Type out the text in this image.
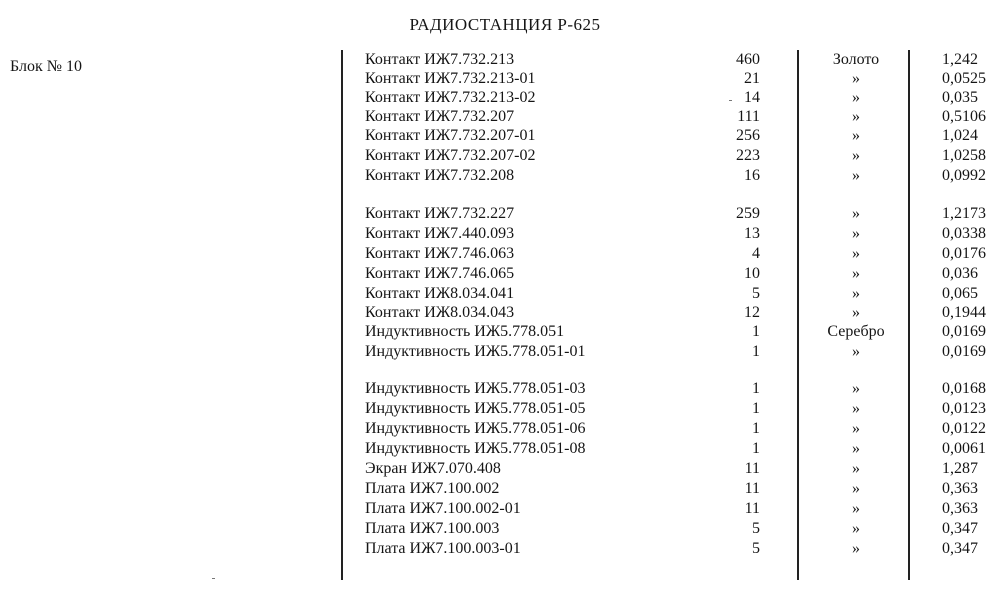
РАДИОСТАНЦИЯ Р-625
Блок № 10	Контакт ИЖ7.732.213	460	Золото	1,242
Контакт ИЖ7.732.213-01	21	»	0,0525
Контакт ИЖ7.732.213-02	14	»	0,035
Контакт ИЖ7.732.207	111	»	0,5106
Контакт ИЖ7.732.207-01	256	»	1,024
Контакт ИЖ7.732.207-02	223	»	1,0258
Контакт ИЖ7.732.208	16	»	0,0992
Контакт ИЖ7.732.227	259	»	1,2173
Контакт ИЖ7.440.093	13	»	0,0338
Контакт ИЖ7.746.063	4	»	0,0176
Контакт ИЖ7.746.065	10	»	0,036
Контакт ИЖ8.034.041	5	»	0,065
Контакт ИЖ8.034.043	12	»	0,1944
Индуктивность ИЖ5.778.051	1	Серебро	0,0169
Индуктивность ИЖ5.778.051-01	1	»	0,0169
Индуктивность ИЖ5.778.051-03	1	»	0,0168
Индуктивность ИЖ5.778.051-05	1	»	0,0123
Индуктивность ИЖ5.778.051-06	1	»	0,0122
Индуктивность ИЖ5.778.051-08	1	»	0,0061
Экран ИЖ7.070.408	11	»	1,287
Плата ИЖ7.100.002	11	»	0,363
Плата ИЖ7.100.002-01	11	»	0,363
Плата ИЖ7.100.003	5	»	0,347
Плата ИЖ7.100.003-01	5	»	0,347
